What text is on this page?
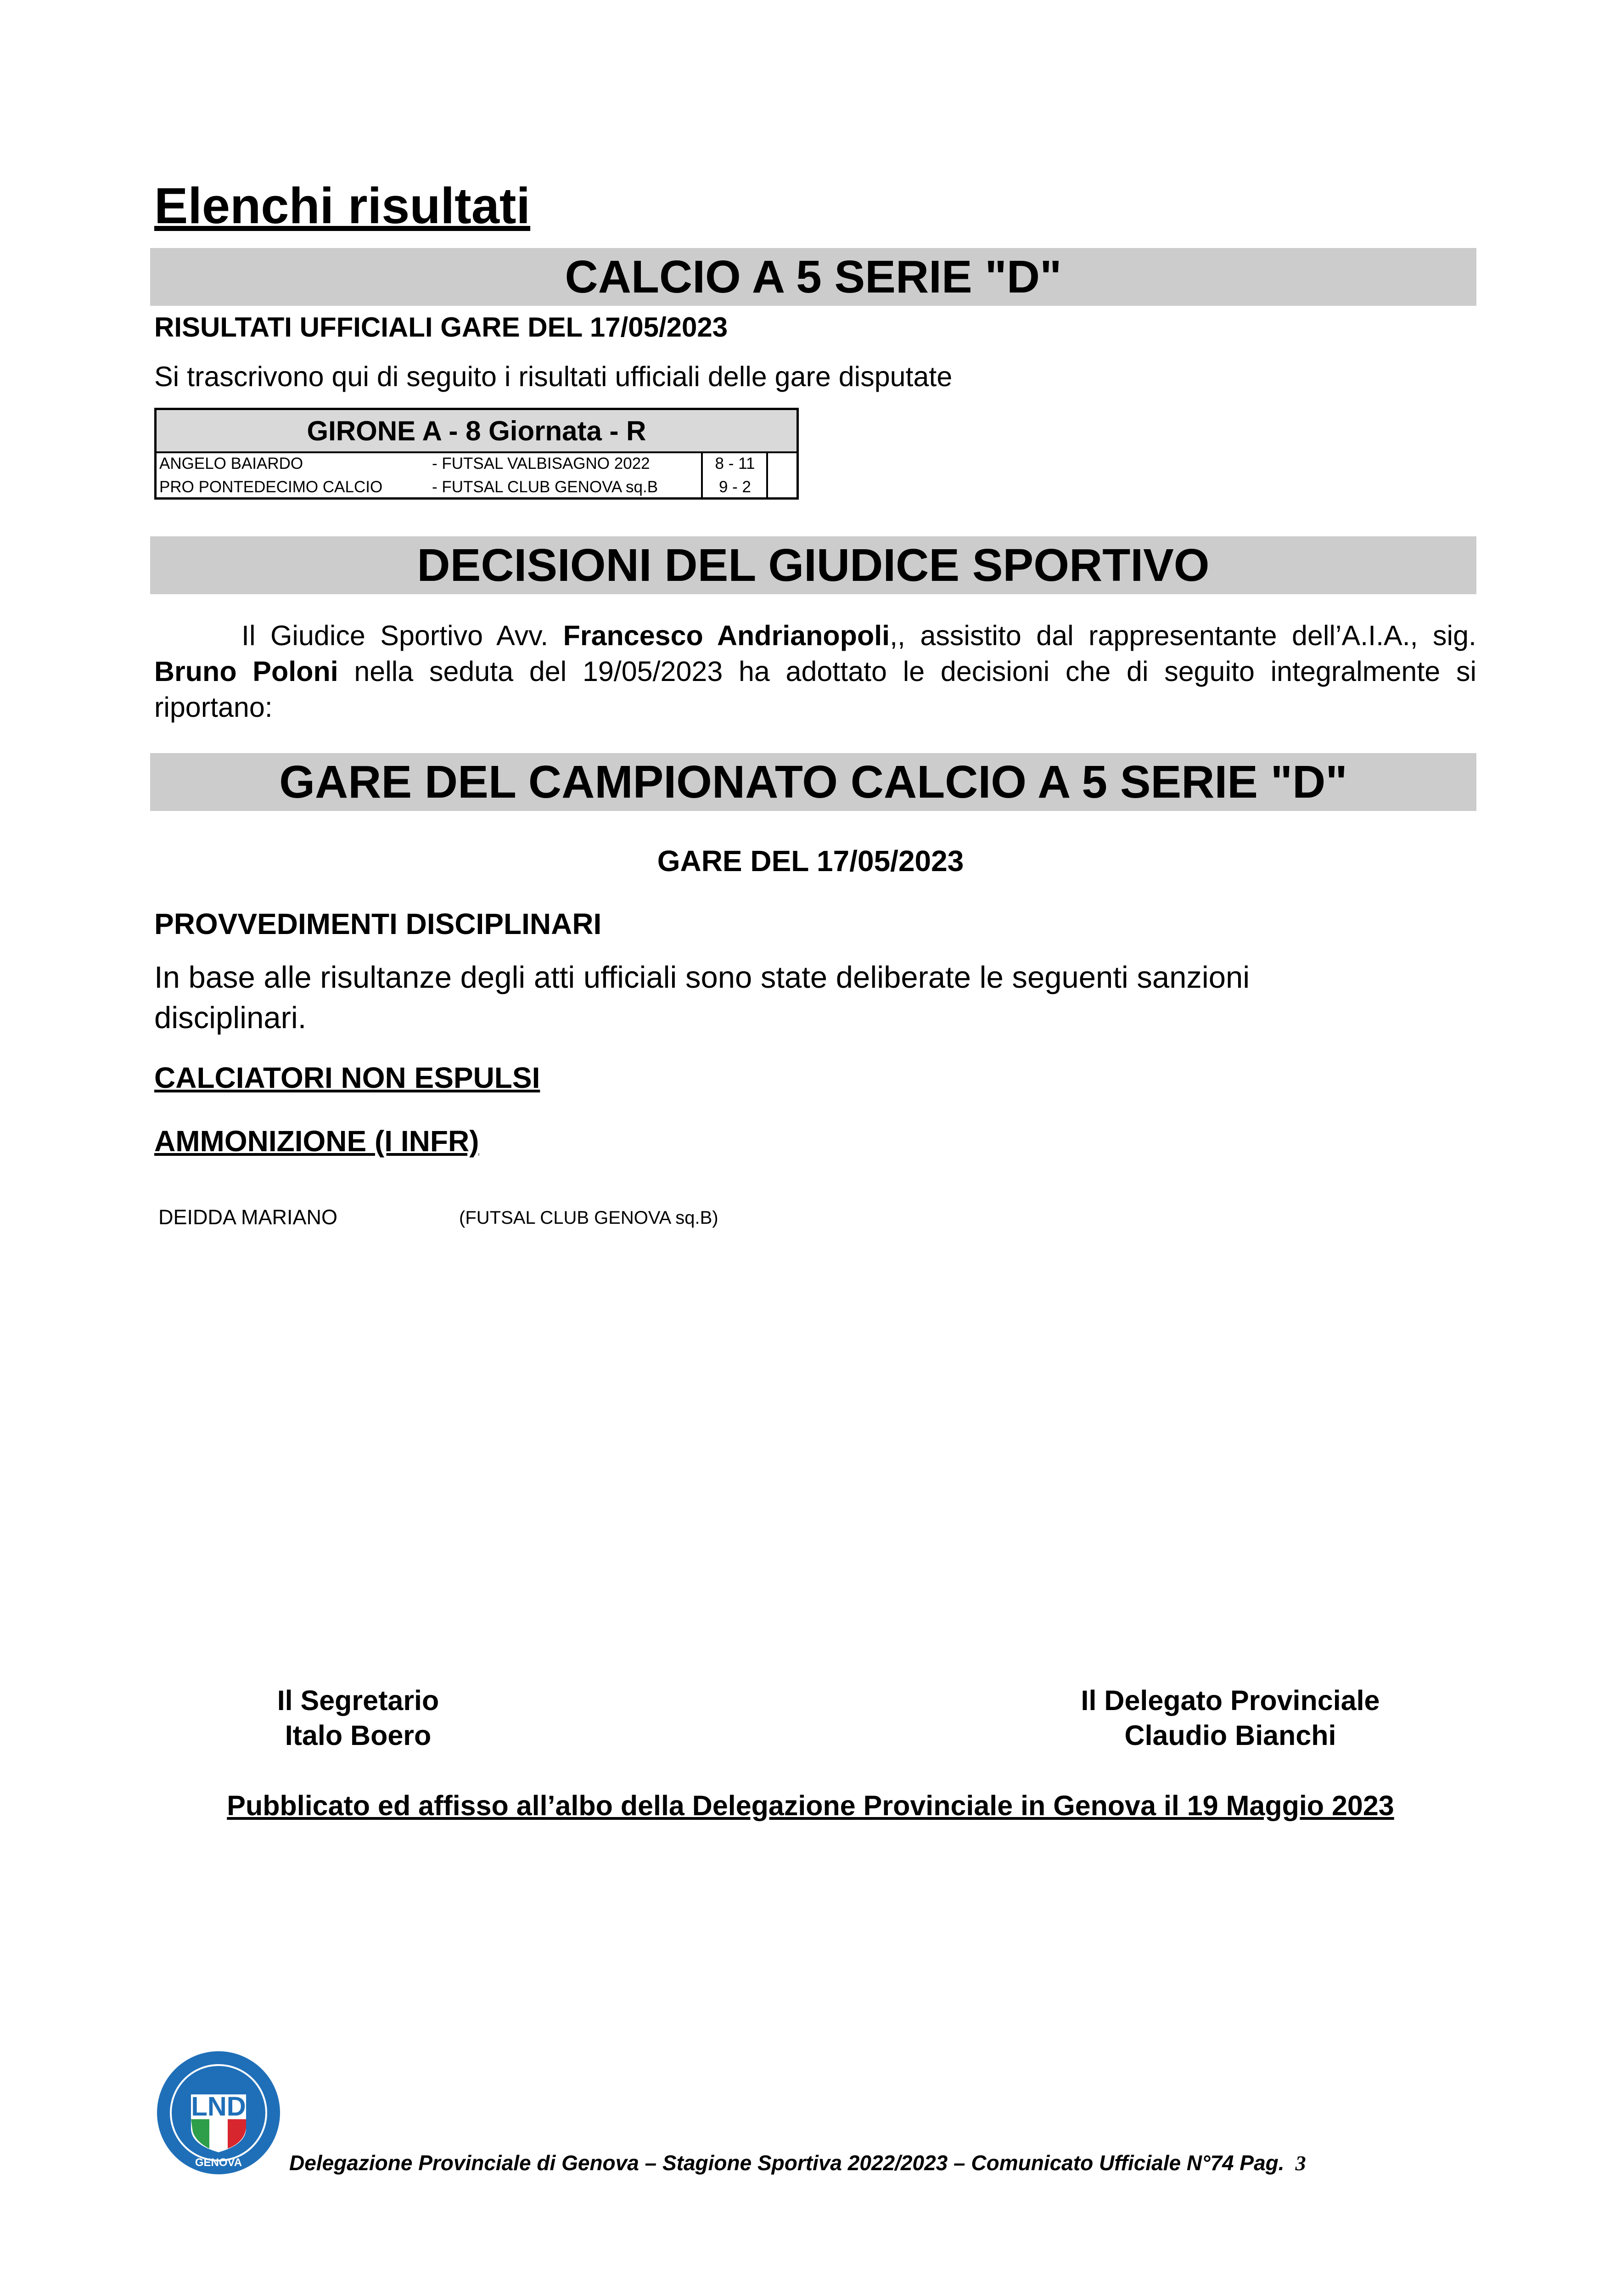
Elenchi risultati
CALCIO A 5 SERIE "D"
RISULTATI UFFICIALI GARE DEL 17/05/2023
Si trascrivono qui di seguito i risultati ufficiali delle gare disputate
GIRONE A - 8 Giornata - R
ANGELO BAIARDO	- FUTSAL VALBISAGNO 2022	8 - 11
PRO PONTEDECIMO CALCIO	- FUTSAL CLUB GENOVA sq.B	9 - 2
DECISIONI DEL GIUDICE SPORTIVO
Il Giudice Sportivo Avv. Francesco Andrianopoli,, assistito dal rappresentante dell’A.I.A., sig. Bruno Poloni nella seduta del 19/05/2023 ha adottato le decisioni che di seguito integralmente si riportano:
GARE DEL CAMPIONATO CALCIO A 5 SERIE "D"
GARE DEL 17/05/2023
PROVVEDIMENTI DISCIPLINARI
In base alle risultanze degli atti ufficiali sono state deliberate le seguenti sanzioni disciplinari.
CALCIATORI NON ESPULSI
AMMONIZIONE (I INFR)
DEIDDA MARIANO	(FUTSAL CLUB GENOVA sq.B)
Il Segretario
Italo Boero
Il Delegato Provinciale
Claudio Bianchi
Pubblicato ed affisso all’albo della Delegazione Provinciale in Genova il 19 Maggio 2023
LND
GENOVA Delegazione Provinciale di Genova – Stagione Sportiva 2022/2023 – Comunicato Ufficiale N°74 Pag. 3
